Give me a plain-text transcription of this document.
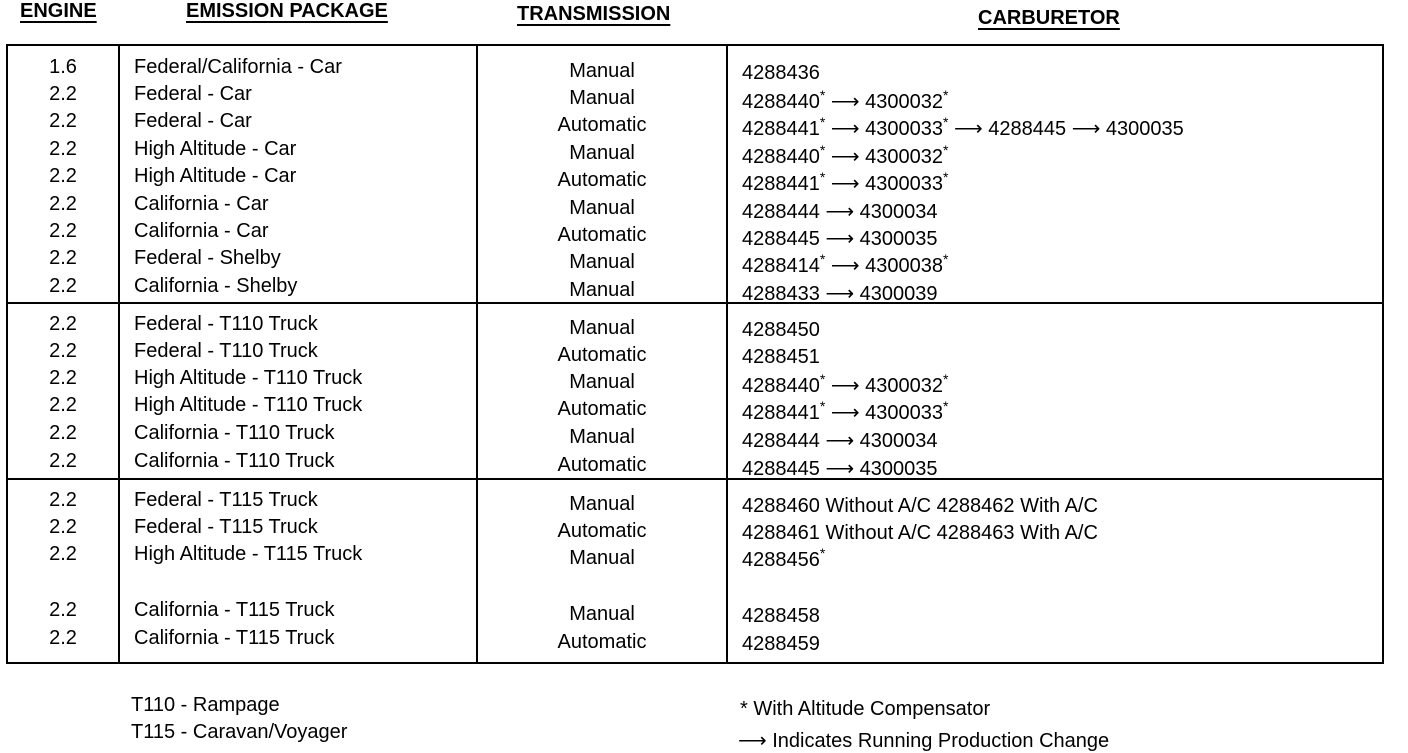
ENGINE	EMISSION PACKAGE	TRANSMISSION	CARBURETOR
1.6	Federal/California - Car	Manual	4288436
2.2	Federal - Car	Manual	4288440* ⟶ 4300032*
2.2	Federal - Car	Automatic	4288441* ⟶ 4300033* ⟶ 4288445 ⟶ 4300035
2.2	High Altitude - Car	Manual	4288440* ⟶ 4300032*
2.2	High Altitude - Car	Automatic	4288441* ⟶ 4300033*
2.2	California - Car	Manual	4288444 ⟶ 4300034
2.2	California - Car	Automatic	4288445 ⟶ 4300035
2.2	Federal - Shelby	Manual	4288414* ⟶ 4300038*
2.2	California - Shelby	Manual	4288433 ⟶ 4300039
2.2	Federal - T110 Truck	Manual	4288450
2.2	Federal - T110 Truck	Automatic	4288451
2.2	High Altitude - T110 Truck	Manual	4288440* ⟶ 4300032*
2.2	High Altitude - T110 Truck	Automatic	4288441* ⟶ 4300033*
2.2	California - T110 Truck	Manual	4288444 ⟶ 4300034
2.2	California - T110 Truck	Automatic	4288445 ⟶ 4300035
2.2	Federal - T115 Truck	Manual	4288460 Without A/C 4288462 With A/C
2.2	Federal - T115 Truck	Automatic	4288461 Without A/C 4288463 With A/C
2.2	High Altitude - T115 Truck	Manual	4288456*
2.2	California - T115 Truck	Manual	4288458
2.2	California - T115 Truck	Automatic	4288459
T110 - Rampage
T115 - Caravan/Voyager
* With Altitude Compensator
⟶ Indicates Running Production Change
